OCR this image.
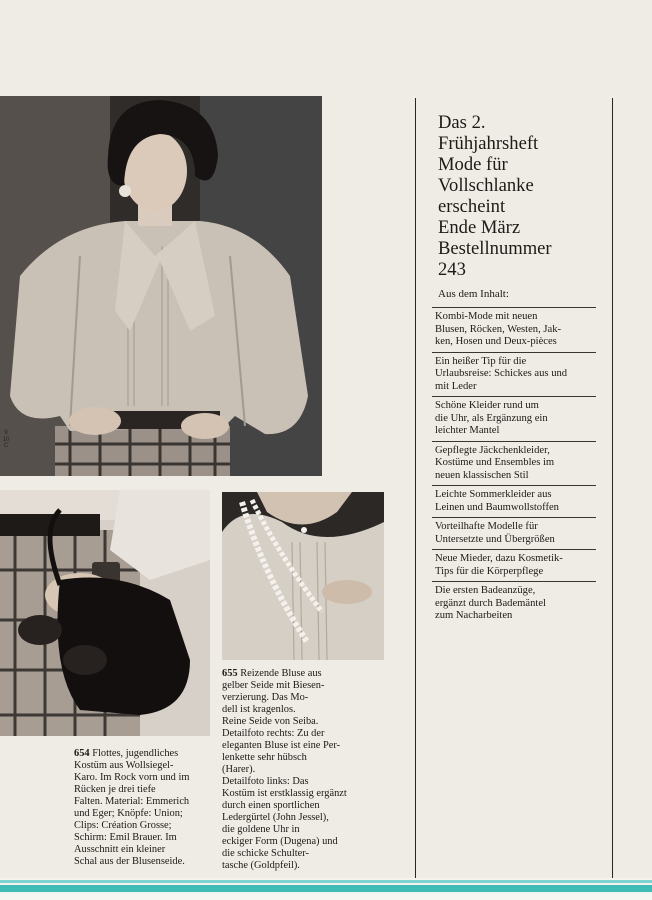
9
10
C

654 Flottes, jugendliches

Kostüm aus Wollsiegel-

Karo. Im Rock vorn und im

Rücken je drei tiefe

Falten. Material: Emmerich

und Eger; Knöpfe: Union;

Clips: Création Grosse;

Schirm: Emil Brauer. Im

Ausschnitt ein kleiner

Schal aus der Blusenseide.

655 Reizende Bluse aus

gelber Seide mit Biesen-

verzierung. Das Mo-

dell ist kragenlos.

Reine Seide von Seiba.

Detailfoto rechts: Zu der

eleganten Bluse ist eine Per-

lenkette sehr hübsch

(Harer).

Detailfoto links: Das

Kostüm ist erstklassig ergänzt

durch einen sportlichen

Ledergürtel (John Jessel),

die goldene Uhr in

eckiger Form (Dugena) und

die schicke Schulter-

tasche (Goldpfeil).

Das 2.
Frühjahrsheft
Mode für
Vollschlanke
erscheint
Ende März
Bestellnummer
243
Aus dem Inhalt:
Kombi-Mode mit neuen
Blusen, Röcken, Westen, Jak-
ken, Hosen und Deux-pièces
Ein heißer Tip für die
Urlaubsreise: Schickes aus und
mit Leder
Schöne Kleider rund um
die Uhr, als Ergänzung ein
leichter Mantel
Gepflegte Jäckchenkleider,
Kostüme und Ensembles im
neuen klassischen Stil
Leichte Sommerkleider aus
Leinen und Baumwollstoffen
Vorteilhafte Modelle für
Untersetzte und Übergrößen
Neue Mieder, dazu Kosmetik-
Tips für die Körperpflege
Die ersten Badeanzüge,
ergänzt durch Bademäntel
zum Nacharbeiten
